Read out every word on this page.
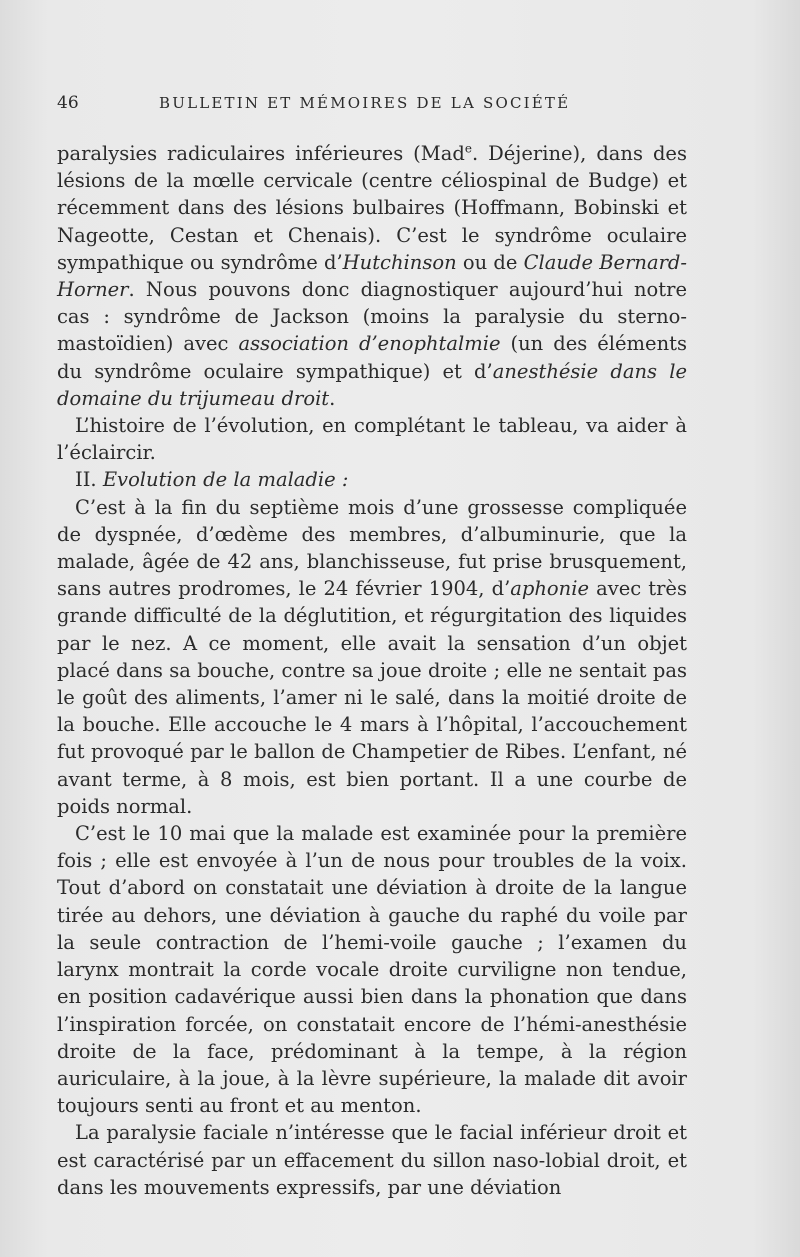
46	BULLETIN ET MÉMOIRES DE LA SOCIÉTÉ

paralysies radiculaires inférieures (Mad$^e$. Déjerine), dans des lésions de la mœlle cervicale (centre céliospinal de Budge) et récemment dans des lésions bulbaires (Hoffmann, Bobinski et Nageotte, Cestan et Chenais). C’est le syndrôme oculaire sympathique ou syndrôme d’Hutchinson ou de Claude Bernard-Horner. Nous pouvons donc diagnostiquer aujourd’hui notre cas : syndrôme de Jackson (moins la paralysie du sterno-mastoïdien) avec association d’enophtalmie (un des éléments du syndrôme oculaire sympathique) et d’anesthésie dans le domaine du trijumeau droit.

L’histoire de l’évolution, en complétant le tableau, va aider à l’éclaircir.

II. Evolution de la maladie :

C’est à la fin du septième mois d’une grossesse compliquée de dyspnée, d’œdème des membres, d’albuminurie, que la malade, âgée de 42 ans, blanchisseuse, fut prise brusquement, sans autres prodromes, le 24 février 1904, d’aphonie avec très grande difficulté de la déglutition, et régurgitation des liquides par le nez. A ce moment, elle avait la sensation d’un objet placé dans sa bouche, contre sa joue droite ; elle ne sentait pas le goût des aliments, l’amer ni le salé, dans la moitié droite de la bouche. Elle accouche le 4 mars à l’hôpital, l’accouchement fut provoqué par le ballon de Champetier de Ribes. L’enfant, né avant terme, à 8 mois, est bien portant. Il a une courbe de poids normal.

C’est le 10 mai que la malade est examinée pour la première fois ; elle est envoyée à l’un de nous pour troubles de la voix. Tout d’abord on constatait une déviation à droite de la langue tirée au dehors, une déviation à gauche du raphé du voile par la seule contraction de l’hemi-voile gauche ; l’examen du larynx montrait la corde vocale droite curviligne non tendue, en position cadavérique aussi bien dans la phonation que dans l’inspiration forcée, on constatait encore de l’hémi-anesthésie droite de la face, prédominant à la tempe, à la région auriculaire, à la joue, à la lèvre supérieure, la malade dit avoir toujours senti au front et au menton.

La paralysie faciale n’intéresse que le facial inférieur droit et est caractérisé par un effacement du sillon naso-lobial droit, et dans les mouvements expressifs, par une déviation
